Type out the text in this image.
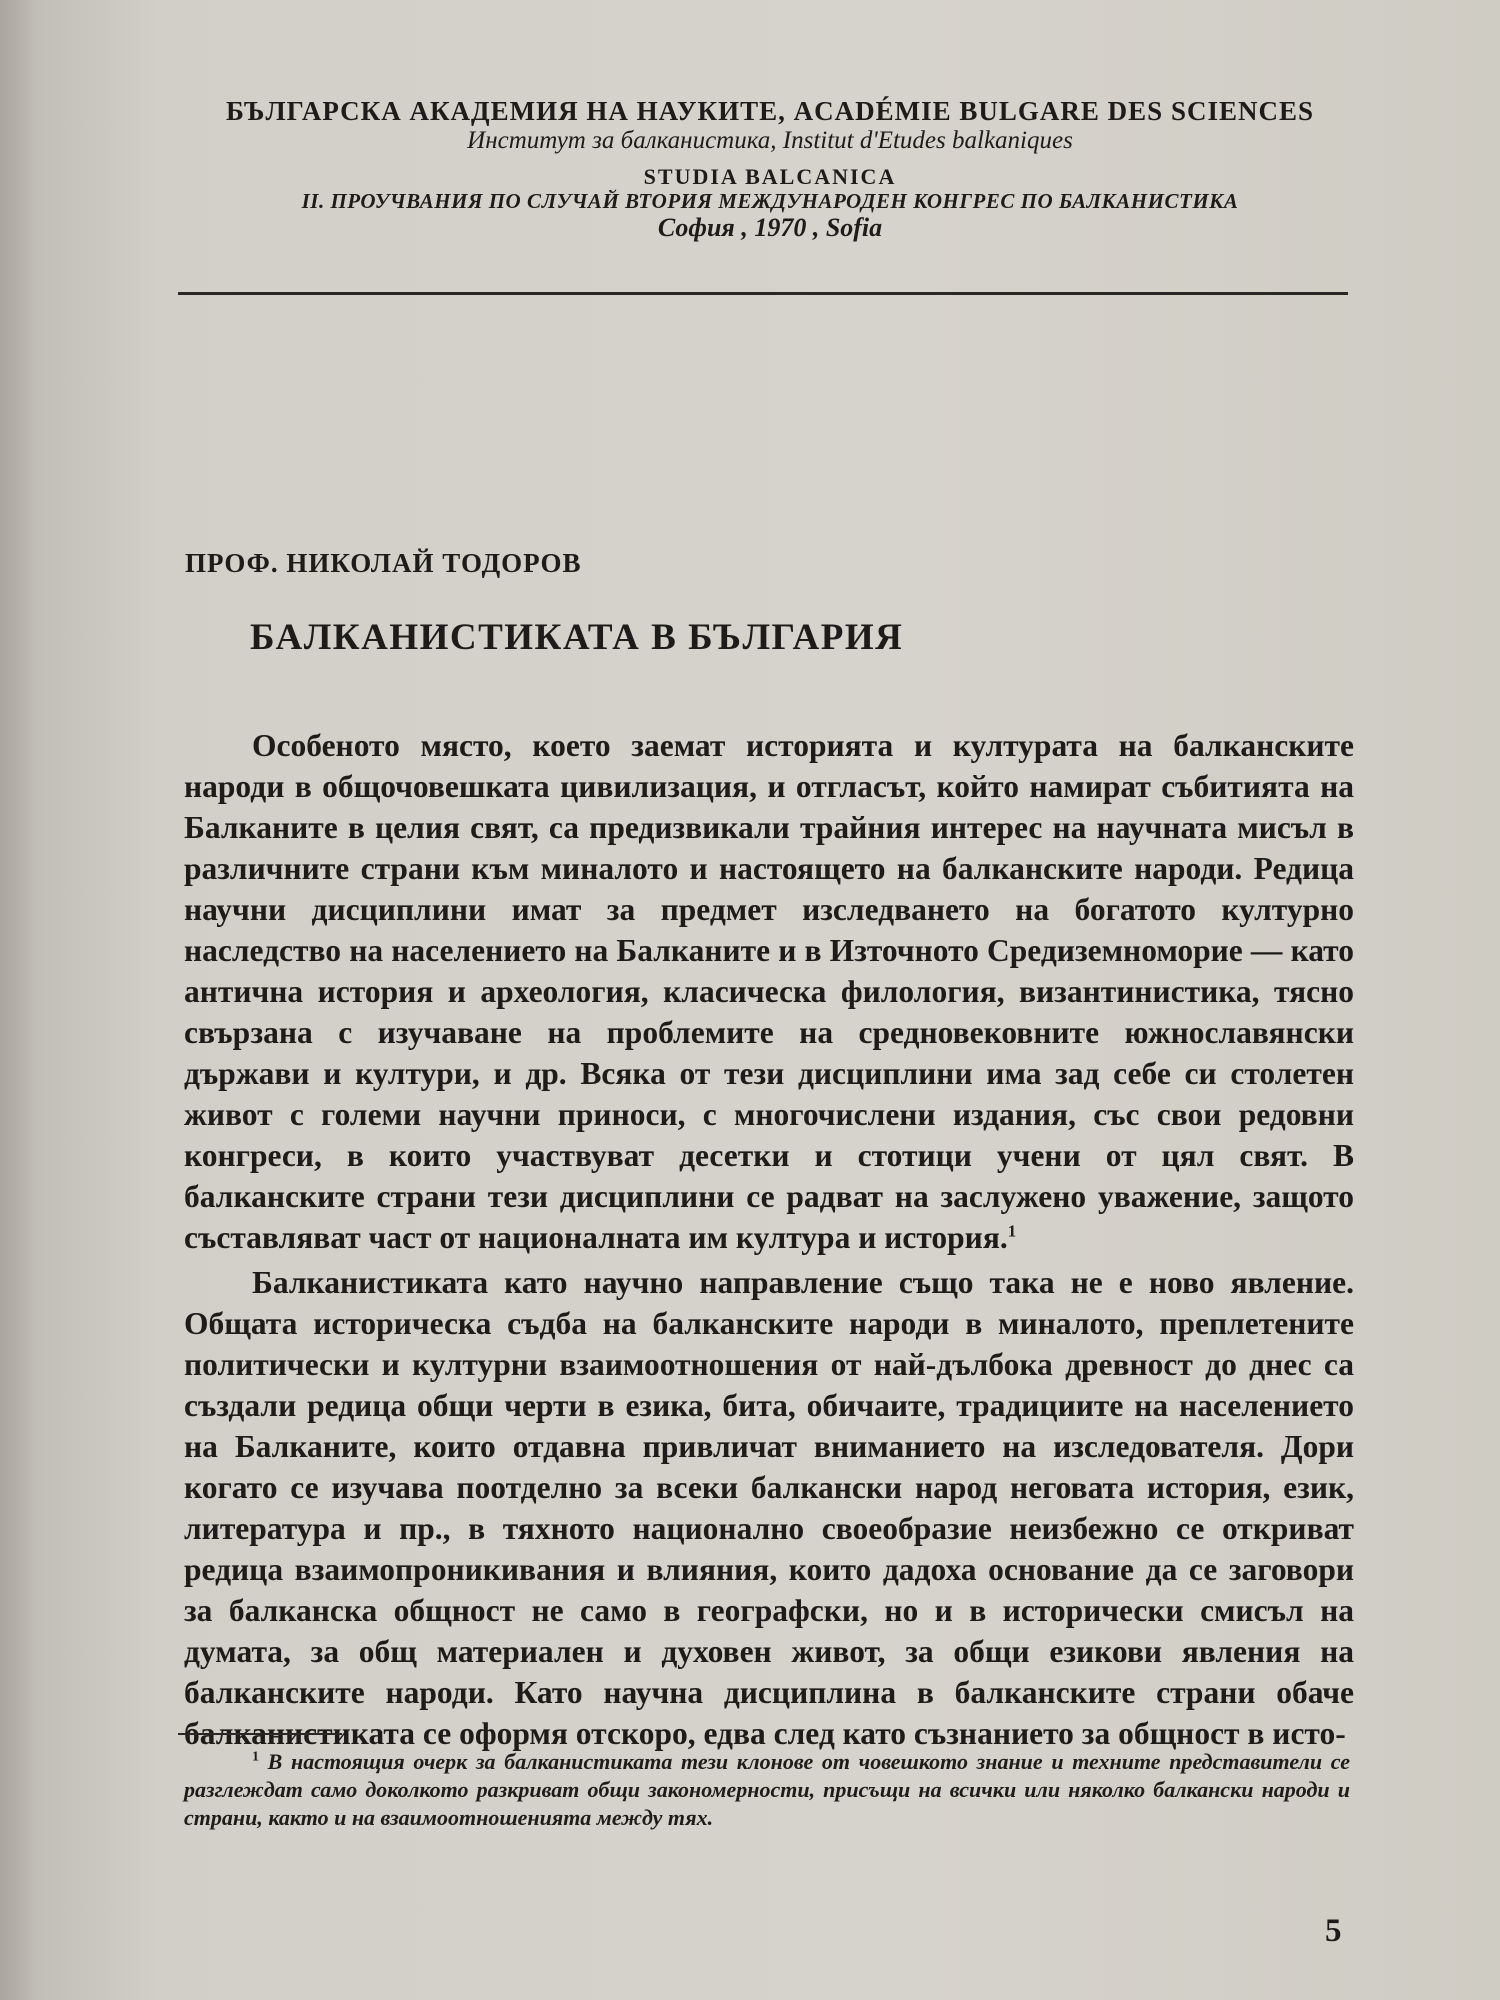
БЪЛГАРСКА АКАДЕМИЯ НА НАУКИТЕ, ACADÉMIE BULGARE DES SCIENCES
Институт за балканистика, Institut d'Etudes balkaniques
STUDIA BALCANICA
II. ПРОУЧВАНИЯ ПО СЛУЧАЙ ВТОРИЯ МЕЖДУНАРОДЕН КОНГРЕС ПО БАЛКАНИСТИКА
София , 1970 , Sofia
ПРОФ. НИКОЛАЙ ТОДОРОВ
БАЛКАНИСТИКАТА В БЪЛГАРИЯ

Особеното място, което заемат историята и културата на балканските народи в общочовешката цивилизация, и отгласът, който намират събитията на Балканите в целия свят, са предизвикали трайния интерес на научната мисъл в различните страни към миналото и настоящето на балканските народи. Редица научни дисциплини имат за предмет изследването на богатото културно наследство на населението на Балканите и в Източното Средиземноморие — като антична история и археология, класическа филология, византинистика, тясно свързана с изучаване на проблемите на средновековните южнославянски държави и култури, и др. Всяка от тези дисциплини има зад себе си столетен живот с големи научни приноси, с многочислени издания, със свои редовни конгреси, в които участвуват десетки и стотици учени от цял свят. В балканските страни тези дисциплини се радват на заслужено уважение, защото съставляват част от националната им култура и история.$^1$

Балканистиката като научно направление също така не е ново явление. Общата историческа съдба на балканските народи в миналото, преплетените политически и културни взаимоотношения от най-дълбока древност до днес са създали редица общи черти в езика, бита, обичаите, традициите на населението на Балканите, които отдавна привличат вниманието на изследователя. Дори когато се изучава поотделно за всеки балкански народ неговата история, език, литература и пр., в тяхното национално своеобразие неизбежно се откриват редица взаимопроникивания и влияния, които дадоха основание да се заговори за балканска общност не само в географски, но и в исторически смисъл на думата, за общ материален и духовен живот, за общи езикови явления на балканските народи. Като научна дисциплина в балканските страни обаче балканистиката се оформя отскоро, едва след като съзнанието за общност в исто-

$^1$ В настоящия очерк за балканистиката тези клонове от човешкото знание и техните представители се разглеждат само доколкото разкриват общи закономерности, присъщи на всички или няколко балкански народи и страни, както и на взаимоотношенията между тях.

5
